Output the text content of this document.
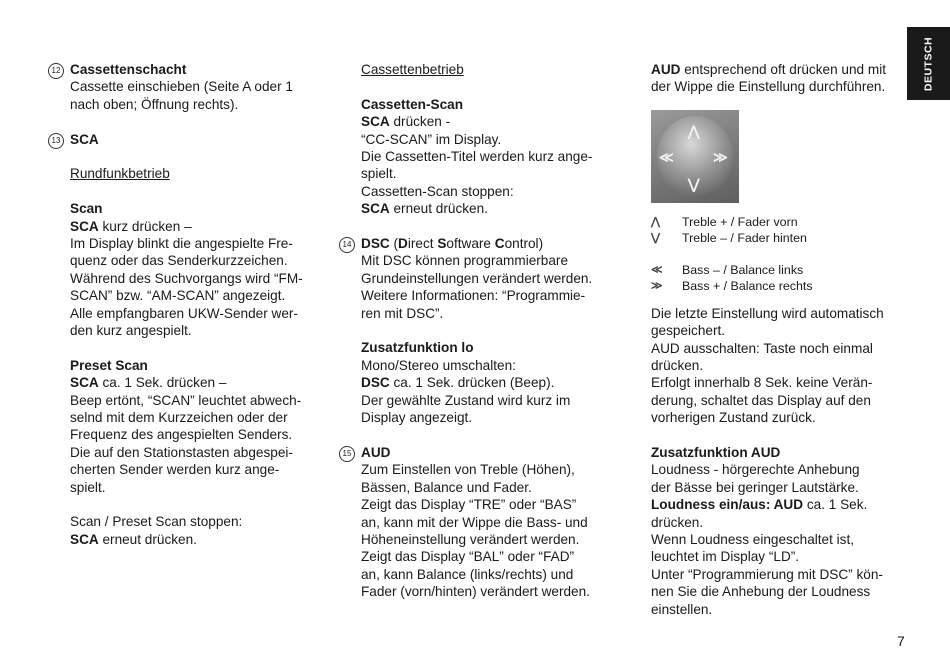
DEUTSCH
12 Cassettenschacht
Cassette einschieben (Seite A oder 1
nach oben; Öffnung rechts).
13 SCA
Rundfunkbetrieb
Scan
SCA kurz drücken –
Im Display blinkt die angespielte Fre-
quenz oder das Senderkurzzeichen.
Während des Suchvorgangs wird “FM-
SCAN” bzw. “AM-SCAN” angezeigt.
Alle empfangbaren UKW-Sender wer-
den kurz angespielt.
Preset Scan
SCA ca. 1 Sek. drücken –
Beep ertönt, “SCAN” leuchtet abwech-
selnd mit dem Kurzzeichen oder der
Frequenz des angespielten Senders.
Die auf den Stationstasten abgespei-
cherten Sender werden kurz ange-
spielt.
Scan / Preset Scan stoppen:
SCA erneut drücken.
Cassettenbetrieb
Cassetten-Scan
SCA drücken -
“CC-SCAN” im Display.
Die Cassetten-Titel werden kurz ange-
spielt.
Cassetten-Scan stoppen:
SCA erneut drücken.
14 DSC (Direct Software Control)
Mit DSC können programmierbare
Grundeinstellungen verändert werden.
Weitere Informationen: “Programmie-
ren mit DSC”.
Zusatzfunktion lo
Mono/Stereo umschalten:
DSC ca. 1 Sek. drücken (Beep).
Der gewählte Zustand wird kurz im
Display angezeigt.
15 AUD
Zum Einstellen von Treble (Höhen),
Bässen, Balance und Fader.
Zeigt das Display “TRE” oder “BAS”
an, kann mit der Wippe die Bass- und
Höheneinstellung verändert werden.
Zeigt das Display “BAL” oder “FAD”
an, kann Balance (links/rechts) und
Fader (vorn/hinten) verändert werden.
AUD entsprechend oft drücken und mit
der Wippe die Einstellung durchführen.
⋀
⋁
≪	≫
⋀	Treble + / Fader vorn
⋁	Treble – / Fader hinten
≪	Bass – / Balance links
≫	Bass + / Balance rechts
Die letzte Einstellung wird automatisch
gespeichert.
AUD ausschalten: Taste noch einmal
drücken.
Erfolgt innerhalb 8 Sek. keine Verän-
derung, schaltet das Display auf den
vorherigen Zustand zurück.
Zusatzfunktion AUD
Loudness - hörgerechte Anhebung
der Bässe bei geringer Lautstärke.
Loudness ein/aus: AUD ca. 1 Sek.
drücken.
Wenn Loudness eingeschaltet ist,
leuchtet im Display “LD”.
Unter “Programmierung mit DSC” kön-
nen Sie die Anhebung der Loudness
einstellen.
7
